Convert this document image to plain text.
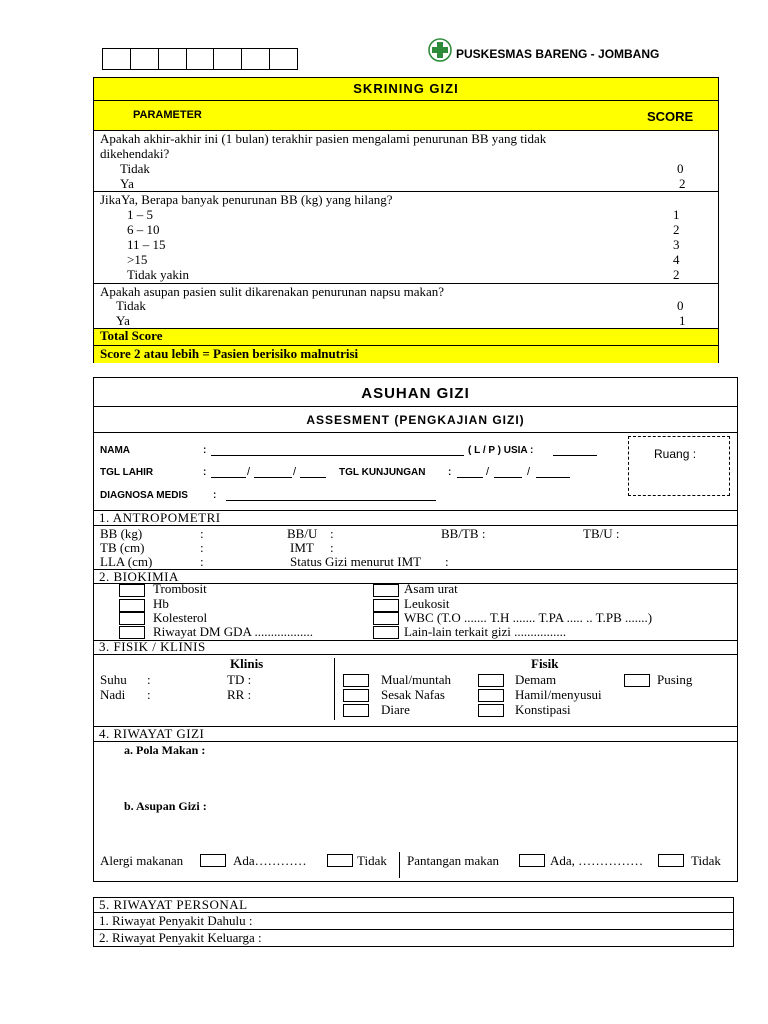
PUSKESMAS BARENG - JOMBANG
SKRINING GIZI
PARAMETER	SCORE
Apakah akhir-akhir ini (1 bulan) terakhir pasien mengalami penurunan BB yang tidak
dikehendaki?
Tidak	0
Ya	2
JikaYa, Berapa banyak penurunan BB (kg) yang hilang?
1 – 5	1
6 – 10	2
11 – 15	3
>15	4
Tidak yakin	2
Apakah asupan pasien sulit dikarenakan penurunan napsu makan?
Tidak	0
Ya	1
Total Score
Score 2 atau lebih = Pasien berisiko malnutrisi
ASUHAN GIZI
ASSESMENT (PENGKAJIAN GIZI)
NAMA	:	( L / P ) USIA :	Ruang :
TGL LAHIR	:	/	/	TGL KUNJUNGAN :	/	/
DIAGNOSA MEDIS	:
1. ANTROPOMETRI
BB (kg)	:	BB/U :	BB/TB :	TB/U :
TB (cm)	:	IMT :
LLA (cm)	:	Status Gizi menurut IMT :
2. BIOKIMIA
Trombosit
Hb
Kolesterol
Riwayat DM GDA ..................
Asam urat
Leukosit
WBC (T.O ....... T.H ....... T.PA ..... .. T.PB .......)
Lain-lain terkait gizi ................
3. FISIK / KLINIS
Klinis	Fisik
Suhu :	TD :
Nadi :	RR :
Mual/muntah
Sesak Nafas
Diare
Demam
Hamil/menyusui
Konstipasi
Pusing
4. RIWAYAT GIZI
a. Pola Makan :
b. Asupan Gizi :
Alergi makanan	Ada…………	Tidak Pantangan makan	Ada, ……………	Tidak
5. RIWAYAT PERSONAL
1. Riwayat Penyakit Dahulu :
2. Riwayat Penyakit Keluarga :
